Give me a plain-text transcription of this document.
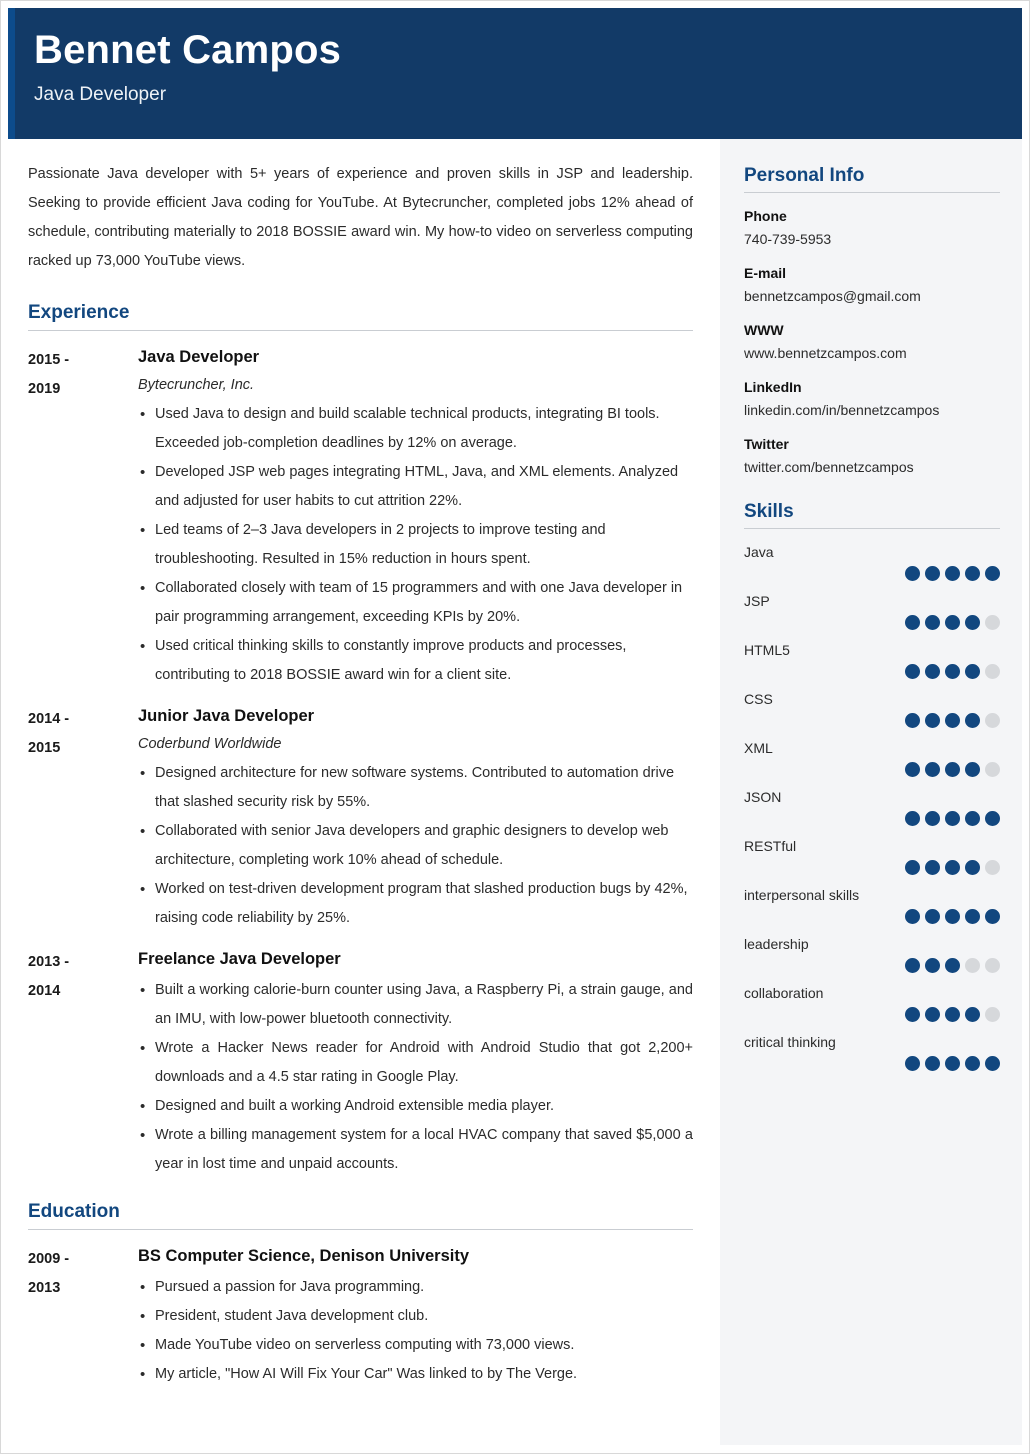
Bennet Campos
Java Developer

Passionate Java developer with 5+ years of experience and proven skills in JSP and leadership. Seeking to provide efficient Java coding for YouTube. At Bytecruncher, completed jobs 12% ahead of schedule, contributing materially to 2018 BOSSIE award win. My how-to video on serverless computing racked up 73,000 YouTube views.

Experience
2015 -
2019
Java Developer
Bytecruncher, Inc.
• Used Java to design and build scalable technical products, integrating BI tools. Exceeded job-completion deadlines by 12% on average.
• Developed JSP web pages integrating HTML, Java, and XML elements. Analyzed and adjusted for user habits to cut attrition 22%.
• Led teams of 2–3 Java developers in 2 projects to improve testing and troubleshooting. Resulted in 15% reduction in hours spent.
• Collaborated closely with team of 15 programmers and with one Java developer in pair programming arrangement, exceeding KPIs by 20%.
• Used critical thinking skills to constantly improve products and processes, contributing to 2018 BOSSIE award win for a client site.
2014 -
2015
Junior Java Developer
Coderbund Worldwide
• Designed architecture for new software systems. Contributed to automation drive that slashed security risk by 55%.
• Collaborated with senior Java developers and graphic designers to develop web architecture, completing work 10% ahead of schedule.
• Worked on test-driven development program that slashed production bugs by 42%, raising code reliability by 25%.
2013 -
2014
Freelance Java Developer
• Built a working calorie-burn counter using Java, a Raspberry Pi, a strain gauge, and an IMU, with low-power bluetooth connectivity.
• Wrote a Hacker News reader for Android with Android Studio that got 2,200+ downloads and a 4.5 star rating in Google Play.
• Designed and built a working Android extensible media player.
• Wrote a billing management system for a local HVAC company that saved $5,000 a year in lost time and unpaid accounts.
Education
2009 -
2013
BS Computer Science, Denison University
• Pursued a passion for Java programming.
• President, student Java development club.
• Made YouTube video on serverless computing with 73,000 views.
• My article, "How AI Will Fix Your Car" Was linked to by The Verge.
Personal Info
Phone
740-739-5953
E-mail
bennetzcampos@gmail.com
WWW
www.bennetzcampos.com
LinkedIn
linkedin.com/in/bennetzcampos
Twitter
twitter.com/bennetzcampos
Skills
Java
JSP
HTML5
CSS
XML
JSON
RESTful
interpersonal skills
leadership
collaboration
critical thinking
